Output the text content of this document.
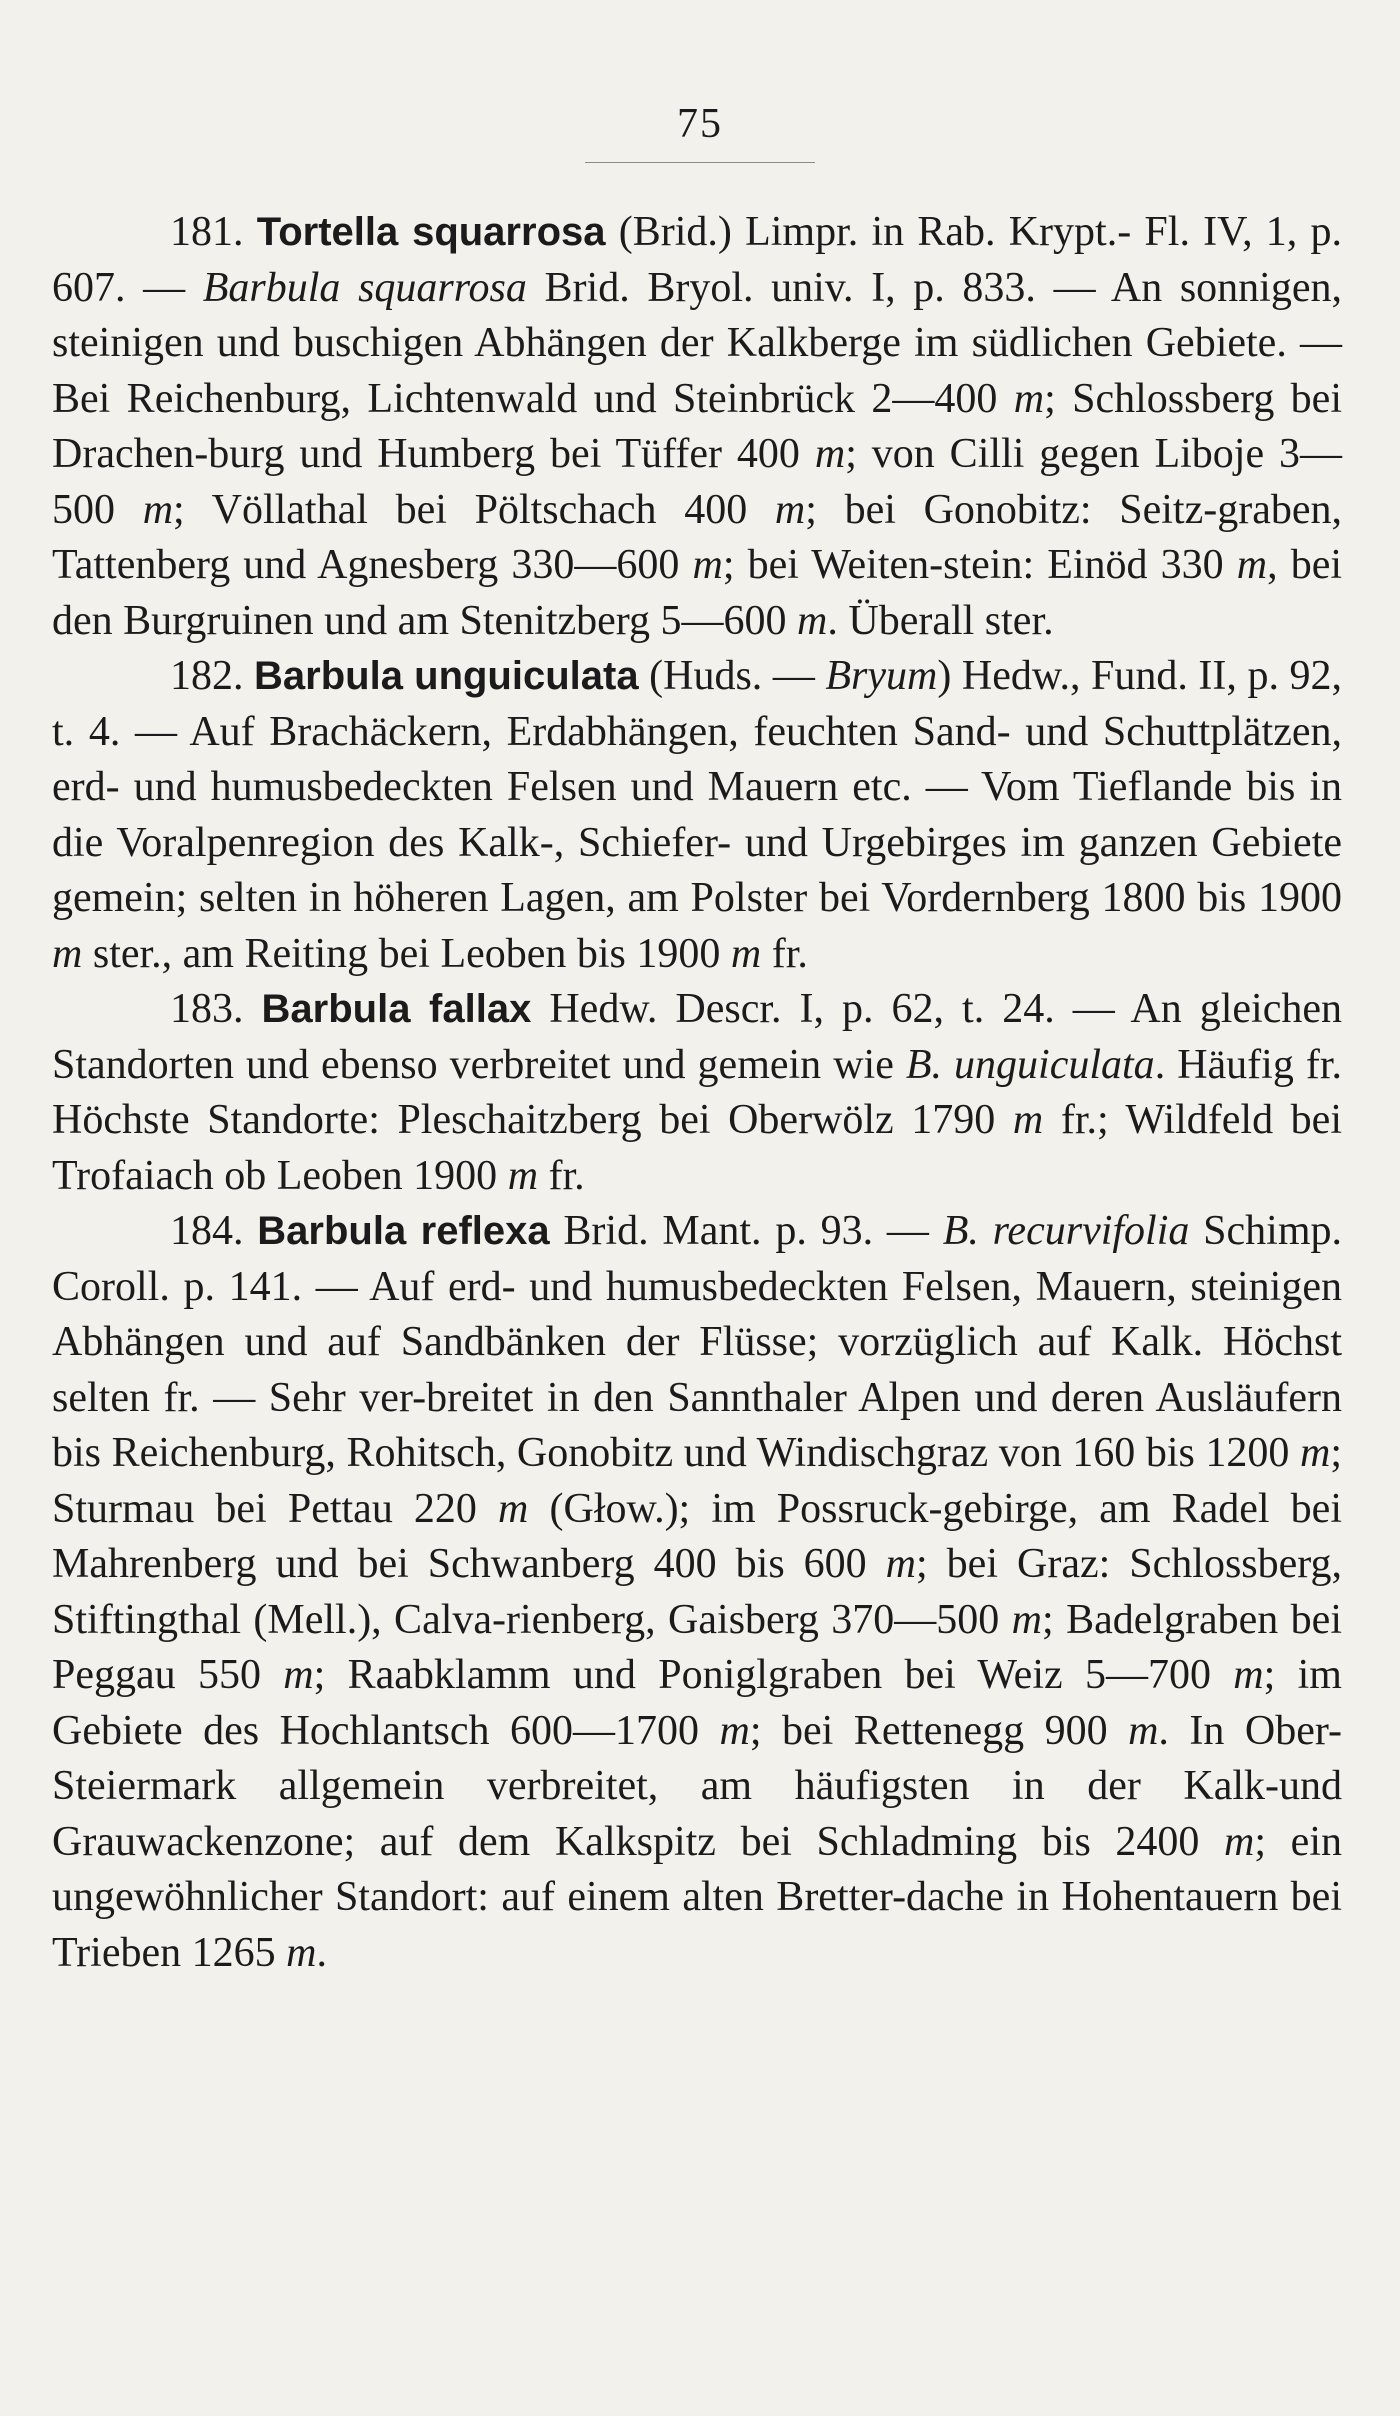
75

181. Tortella squarrosa (Brid.) Limpr. in Rab. Krypt.- Fl. IV, 1, p. 607. — Barbula squarrosa Brid. Bryol. univ. I, p. 833. — An sonnigen, steinigen und buschigen Abhängen der Kalkberge im südlichen Gebiete. — Bei Reichenburg, Lichtenwald und Steinbrück 2—400 m; Schlossberg bei Drachen-burg und Humberg bei Tüffer 400 m; von Cilli gegen Liboje 3—500 m; Völlathal bei Pöltschach 400 m; bei Gonobitz: Seitz-graben, Tattenberg und Agnesberg 330—600 m; bei Weiten-stein: Einöd 330 m, bei den Burgruinen und am Stenitzberg 5—600 m. Überall ster.

182. Barbula unguiculata (Huds. — Bryum) Hedw., Fund. II, p. 92, t. 4. — Auf Brachäckern, Erdabhängen, feuchten Sand- und Schuttplätzen, erd- und humusbedeckten Felsen und Mauern etc. — Vom Tieflande bis in die Voralpenregion des Kalk-, Schiefer- und Urgebirges im ganzen Gebiete gemein; selten in höheren Lagen, am Polster bei Vordernberg 1800 bis 1900 m ster., am Reiting bei Leoben bis 1900 m fr.

183. Barbula fallax Hedw. Descr. I, p. 62, t. 24. — An gleichen Standorten und ebenso verbreitet und gemein wie B. unguiculata. Häufig fr. Höchste Standorte: Pleschaitzberg bei Oberwölz 1790 m fr.; Wildfeld bei Trofaiach ob Leoben 1900 m fr.

184. Barbula reflexa Brid. Mant. p. 93. — B. recurvifolia Schimp. Coroll. p. 141. — Auf erd- und humusbedeckten Felsen, Mauern, steinigen Abhängen und auf Sandbänken der Flüsse; vorzüglich auf Kalk. Höchst selten fr. — Sehr ver-breitet in den Sannthaler Alpen und deren Ausläufern bis Reichenburg, Rohitsch, Gonobitz und Windischgraz von 160 bis 1200 m; Sturmau bei Pettau 220 m (Głow.); im Possruck-gebirge, am Radel bei Mahrenberg und bei Schwanberg 400 bis 600 m; bei Graz: Schlossberg, Stiftingthal (Mell.), Calva-rienberg, Gaisberg 370—500 m; Badelgraben bei Peggau 550 m; Raabklamm und Poniglgraben bei Weiz 5—700 m; im Gebiete des Hochlantsch 600—1700 m; bei Rettenegg 900 m. In Ober-Steiermark allgemein verbreitet, am häufigsten in der Kalk-und Grauwackenzone; auf dem Kalkspitz bei Schladming bis 2400 m; ein ungewöhnlicher Standort: auf einem alten Bretter-dache in Hohentauern bei Trieben 1265 m.
